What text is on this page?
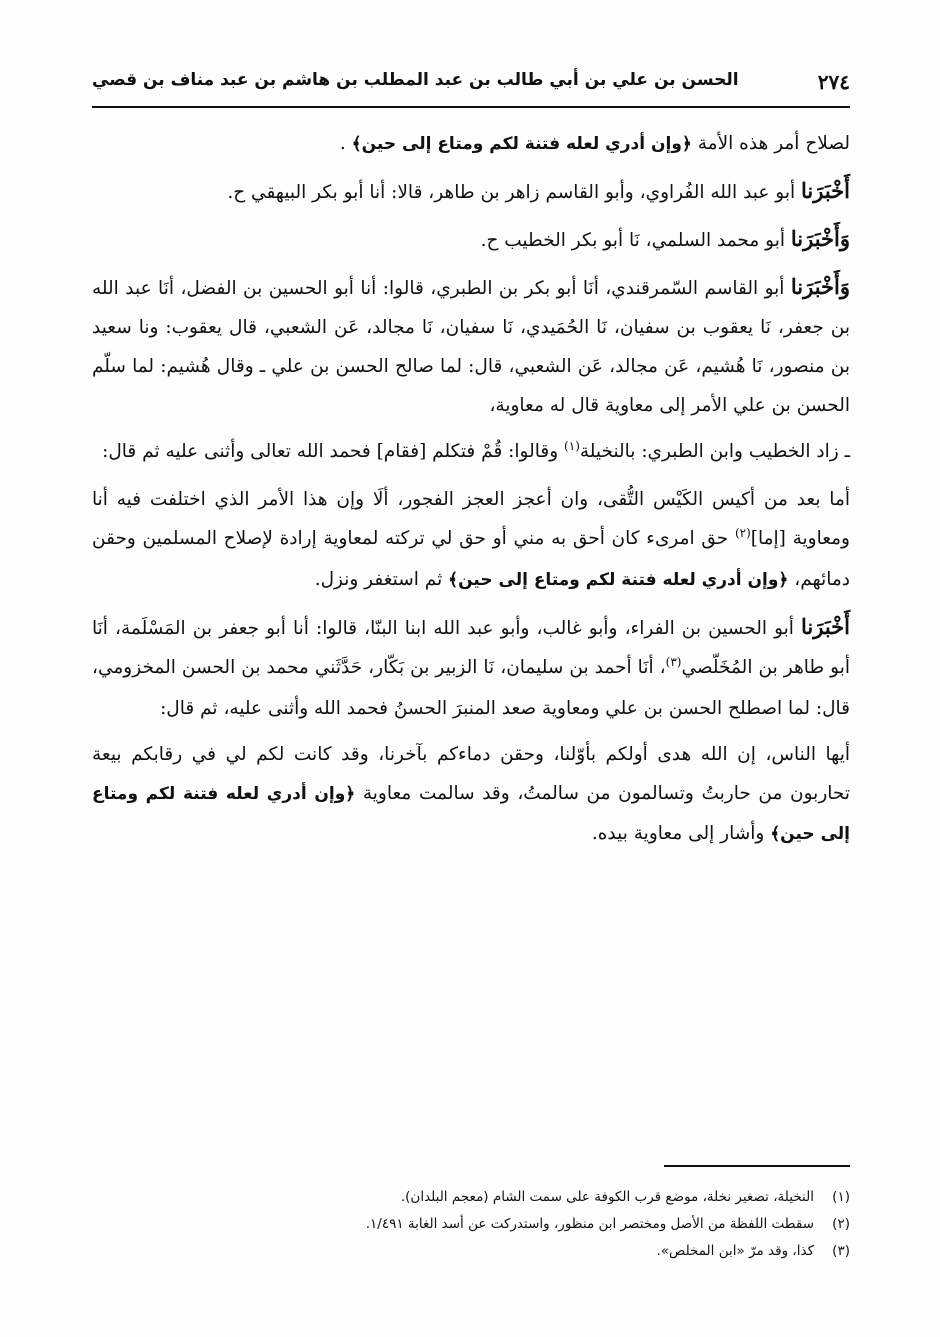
٢٧٤
الحسن بن علي بن أبي طالب بن عبد المطلب بن هاشم بن عبد مناف بن قصي

لصلاح أمر هذه الأمة ﴿وإن أدري لعله فتنة لكم ومتاع إلى حين﴾ .

أَخْبَرَنا أبو عبد الله الفُراوي، وأبو القاسم زاهر بن طاهر، قالا: أنا أبو بكر البيهقي ح.

وَأَخْبَرَنا أبو محمد السلمي، نَا أبو بكر الخطيب ح.

وَأَخْبَرَنا أبو القاسم السّمرقندي، أنَا أبو بكر بن الطبري، قالوا: أنا أبو الحسين بن الفضل، أنَا عبد الله بن جعفر، نَا يعقوب بن سفيان، نَا الحُمَيدي، نَا سفيان، نَا مجالد، عَن الشعبي، قال يعقوب: ونا سعيد بن منصور، نَا هُشيم، عَن مجالد، عَن الشعبي، قال: لما صالح الحسن بن علي ـ وقال هُشيم: لما سلّم الحسن بن علي الأمر إلى معاوية قال له معاوية،

ـ زاد الخطيب وابن الطبري: بالنخيلة$^{(١)}$ وقالوا: قُمْ فتكلم [فقام] فحمد الله تعالى وأثنى عليه ثم قال:

أما بعد من أكيس الكَيْس التُّقى، وان أعجز العجز الفجور، ألَا وإن هذا الأمر الذي اختلفت فيه أنا ومعاوية [إما]$^{(٢)}$ حق امرىء كان أحق به مني أو حق لي تركته لمعاوية إرادة لإصلاح المسلمين وحقن دمائهم، ﴿وإن أدري لعله فتنة لكم ومتاع إلى حين﴾ ثم استغفر ونزل.

أَخْبَرَنا أبو الحسين بن الفراء، وأبو غالب، وأبو عبد الله ابنا البنّا، قالوا: أنا أبو جعفر بن المَسْلَمة، أنَا أبو طاهر بن المُخَلّصي$^{(٣)}$، أنَا أحمد بن سليمان، نَا الزبير بن بَكّار، حَدَّثَني محمد بن الحسن المخزومي، قال: لما اصطلح الحسن بن علي ومعاوية صعد المنبرَ الحسنُ فحمد الله وأثنى عليه، ثم قال:

أيها الناس، إن الله هدى أولكم بأوّلنا، وحقن دماءكم بآخرنا، وقد كانت لكم لي في رقابكم بيعة تحاربون من حاربتُ وتسالمون من سالمتُ، وقد سالمت معاوية ﴿وإن أدري لعله فتنة لكم ومتاع إلى حين﴾ وأشار إلى معاوية بيده.

(١)
النخيلة، تصغير نخلة، موضع قرب الكوفة على سمت الشام (معجم البلدان).
(٢)
سقطت اللفظة من الأصل ومختصر ابن منظور، واستدركت عن أسد الغابة ١/٤٩١.
(٣)
كذا، وقد مرّ «ابن المخلص».
